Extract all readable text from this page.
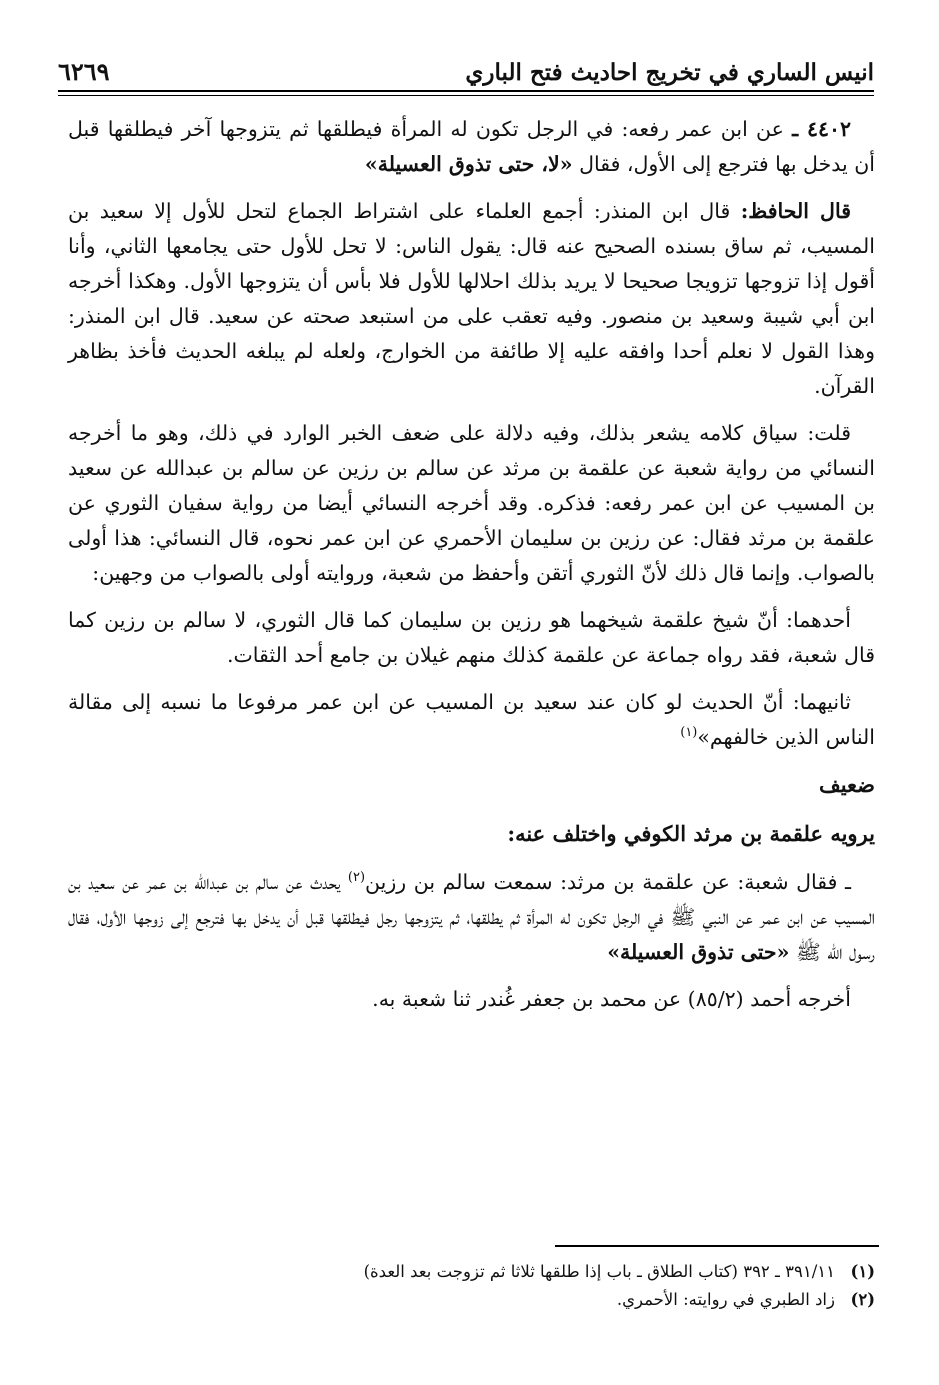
انيس الساري في تخريج احاديث فتح الباري
٦٢٦٩

٤٤٠٢ ـ عن ابن عمر رفعه: في الرجل تكون له المرأة فيطلقها ثم يتزوجها آخر فيطلقها قبل أن يدخل بها فترجع إلى الأول، فقال «لا، حتى تذوق العسيلة»

قال الحافظ: قال ابن المنذر: أجمع العلماء على اشتراط الجماع لتحل للأول إلا سعيد بن المسيب، ثم ساق بسنده الصحيح عنه قال: يقول الناس: لا تحل للأول حتى يجامعها الثاني، وأنا أقول إذا تزوجها تزويجا صحيحا لا يريد بذلك احلالها للأول فلا بأس أن يتزوجها الأول. وهكذا أخرجه ابن أبي شيبة وسعيد بن منصور. وفيه تعقب على من استبعد صحته عن سعيد. قال ابن المنذر: وهذا القول لا نعلم أحدا وافقه عليه إلا طائفة من الخوارج، ولعله لم يبلغه الحديث فأخذ بظاهر القرآن.

قلت: سياق كلامه يشعر بذلك، وفيه دلالة على ضعف الخبر الوارد في ذلك، وهو ما أخرجه النسائي من رواية شعبة عن علقمة بن مرثد عن سالم بن رزين عن سالم بن عبدالله عن سعيد بن المسيب عن ابن عمر رفعه: فذكره. وقد أخرجه النسائي أيضا من رواية سفيان الثوري عن علقمة بن مرثد فقال: عن رزين بن سليمان الأحمري عن ابن عمر نحوه، قال النسائي: هذا أولى بالصواب. وإنما قال ذلك لأنّ الثوري أتقن وأحفظ من شعبة، وروايته أولى بالصواب من وجهين:

أحدهما: أنّ شيخ علقمة شيخهما هو رزين بن سليمان كما قال الثوري، لا سالم بن رزين كما قال شعبة، فقد رواه جماعة عن علقمة كذلك منهم غيلان بن جامع أحد الثقات.

ثانيهما: أنّ الحديث لو كان عند سعيد بن المسيب عن ابن عمر مرفوعا ما نسبه إلى مقالة الناس الذين خالفهم»$^{(١)}$

ضعيف
يرويه علقمة بن مرثد الكوفي واختلف عنه:

ـ فقال شعبة: عن علقمة بن مرثد: سمعت سالم بن رزين$^{(٢)}$ يحدث عن سالم بن عبدالله بن عمر عن سعيد بن المسيب عن ابن عمر عن النبي ﷺ في الرجل تكون له المرأة ثم يطلقها، ثم يتزوجها رجل فيطلقها قبل أن يدخل بها فترجع إلى زوجها الأول، فقال رسول الله ﷺ «حتى تذوق العسيلة»

أخرجه أحمد (٨٥/٢) عن محمد بن جعفر غُندر ثنا شعبة به.

(١)٣٩١/١١ ـ ٣٩٢ (كتاب الطلاق ـ باب إذا طلقها ثلاثا ثم تزوجت بعد العدة)
(٢)زاد الطبري في روايته: الأحمري.
